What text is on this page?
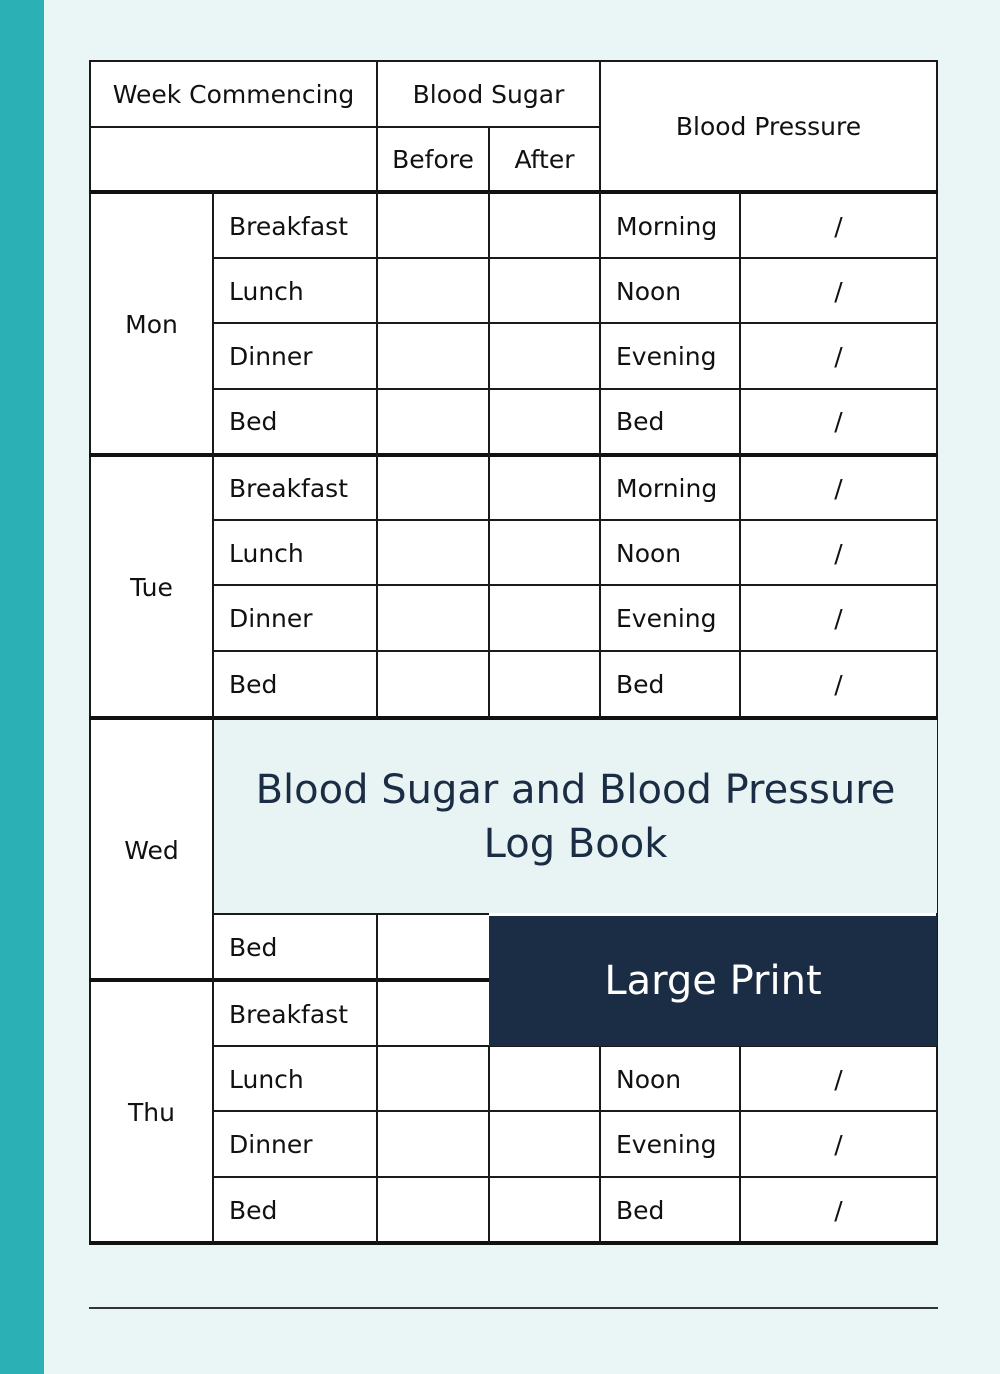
Week Commencing	Blood Sugar
Before	After
Blood Pressure
Mon
Tue
Wed
Thu
Breakfast
Lunch
Dinner
Bed
Morning
Noon
Evening
Bed
/
/
/
/
Breakfast
Lunch
Dinner
Bed
Morning
Noon
Evening
Bed
/
/
/
/
Bed
Breakfast
Lunch
Dinner
Bed
Noon
Evening
Bed
/
/
/
Blood Sugar and Blood Pressure
Log Book
Large Print
